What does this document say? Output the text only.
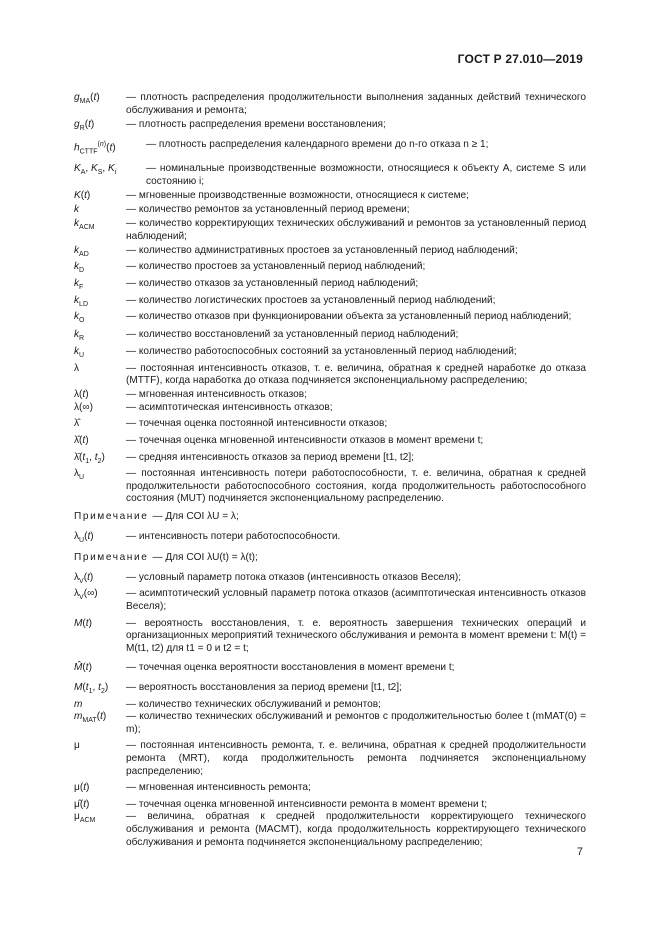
ГОСТ Р 27.010—2019
$g_{MA}(t)$	— плотность распределения продолжительности выполнения заданных действий технического обслуживания и ремонта;
$g_R(t)$	— плотность распределения времени восстановления;
$h_{CTTF}^{(n)}(t)$	— плотность распределения календарного времени до n-го отказа n ≥ 1;
$K_A$, $K_S$, $K_i$	— номинальные производственные возможности, относящиеся к объекту A, системе S или состоянию i;
K(t)	— мгновенные производственные возможности, относящиеся к системе;
k	— количество ремонтов за установленный период времени;
$k_{ACM}$	— количество корректирующих технических обслуживаний и ремонтов за установленный период наблюдений;
$k_{AD}$	— количество административных простоев за установленный период наблюдений;
$k_D$	— количество простоев за установленный период наблюдений;
$k_F$	— количество отказов за установленный период наблюдений;
$k_{LD}$	— количество логистических простоев за установленный период наблюдений;
$k_O$	— количество отказов при функционировании объекта за установленный период наблюдений;
$k_R$	— количество восстановлений за установленный период наблюдений;
$k_U$	— количество работоспособных состояний за установленный период наблюдений;
λ	— постоянная интенсивность отказов, т. е. величина, обратная к средней наработке до отказа (MTTF), когда наработка до отказа подчиняется экспоненциальному распределению;
λ(t)	— мгновенная интенсивность отказов;
λ(∞)	— асимптотическая интенсивность отказов;
λ̂	— точечная оценка постоянной интенсивности отказов;
λ̂(t)	— точечная оценка мгновенной интенсивности отказов в момент времени t;
$\lambdā(t_1$, $t_2$)	— средняя интенсивность отказов за период времени [t1, t2];
$\lambda_U$	— постоянная интенсивность потери работоспособности, т. е. величина, обратная к средней продолжительности работоспособного состояния, когда продолжительность работоспособного состояния (MUT) подчиняется экспоненциальному распределению.
Примечание — Для COI λU = λ;
$\lambda_U(t)$	— интенсивность потери работоспособности.
Примечание — Для COI λU(t) = λ(t);
$\lambda_V(t)$	— условный параметр потока отказов (интенсивность отказов Веселя);
$\lambda_V(\infty)$	— асимптотический условный параметр потока отказов (асимптотическая интенсивность отказов Веселя);
M(t)	— вероятность восстановления, т. е. вероятность завершения технических операций и организационных мероприятий технического обслуживания и ремонта в момент времени t: M(t) = M(t1, t2) для t1 = 0 и t2 = t;
M̂(t)	— точечная оценка вероятности восстановления в момент времени t;
$M(t_1$, $t_2$)	— вероятность восстановления за период времени [t1, t2];
m	— количество технических обслуживаний и ремонтов;
$m_{MAT}(t)$	— количество технических обслуживаний и ремонтов с продолжительностью более t (mMAT(0) = m);
μ	— постоянная интенсивность ремонта, т. е. величина, обратная к средней продолжительности ремонта (MRT), когда продолжительность ремонта подчиняется экспоненциальному распределению;
μ(t)	— мгновенная интенсивность ремонта;
μ̂(t)	— точечная оценка мгновенной интенсивности ремонта в момент времени t;
$\mu_{ACM}$	— величина, обратная к средней продолжительности корректирующего технического обслуживания и ремонта (MACMT), когда продолжительность корректирующего технического обслуживания и ремонта подчиняется экспоненциальному распределению;
7
